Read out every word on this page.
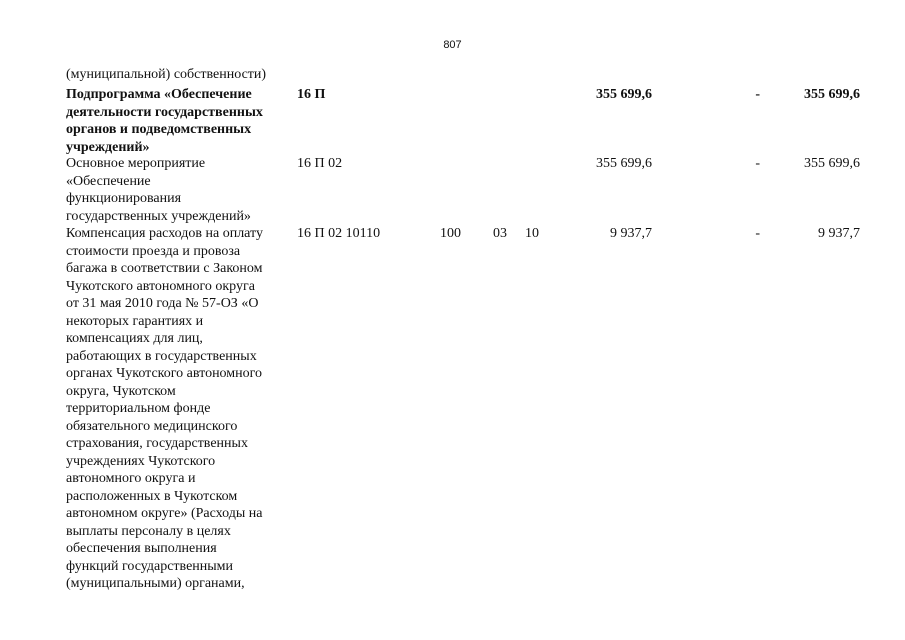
807
(муниципальной) собственности)
Подпрограмма «Обеспечение
деятельности государственных
органов и подведомственных
учреждений»
16 П	355 699,6	-	355 699,6
Основное мероприятие
«Обеспечение
функционирования
государственных учреждений»
16 П 02	355 699,6	-	355 699,6
Компенсация расходов на оплату
стоимости проезда и провоза
багажа в соответствии с Законом
Чукотского автономного округа
от 31 мая 2010 года № 57-ОЗ «О
некоторых гарантиях и
компенсациях для лиц,
работающих в государственных
органах Чукотского автономного
округа, Чукотском
территориальном фонде
обязательного медицинского
страхования, государственных
учреждениях Чукотского
автономного округа и
расположенных в Чукотском
автономном округе» (Расходы на
выплаты персоналу в целях
обеспечения выполнения
функций государственными
(муниципальными) органами,
16 П 02 10110	100 03 10	9 937,7	-	9 937,7
